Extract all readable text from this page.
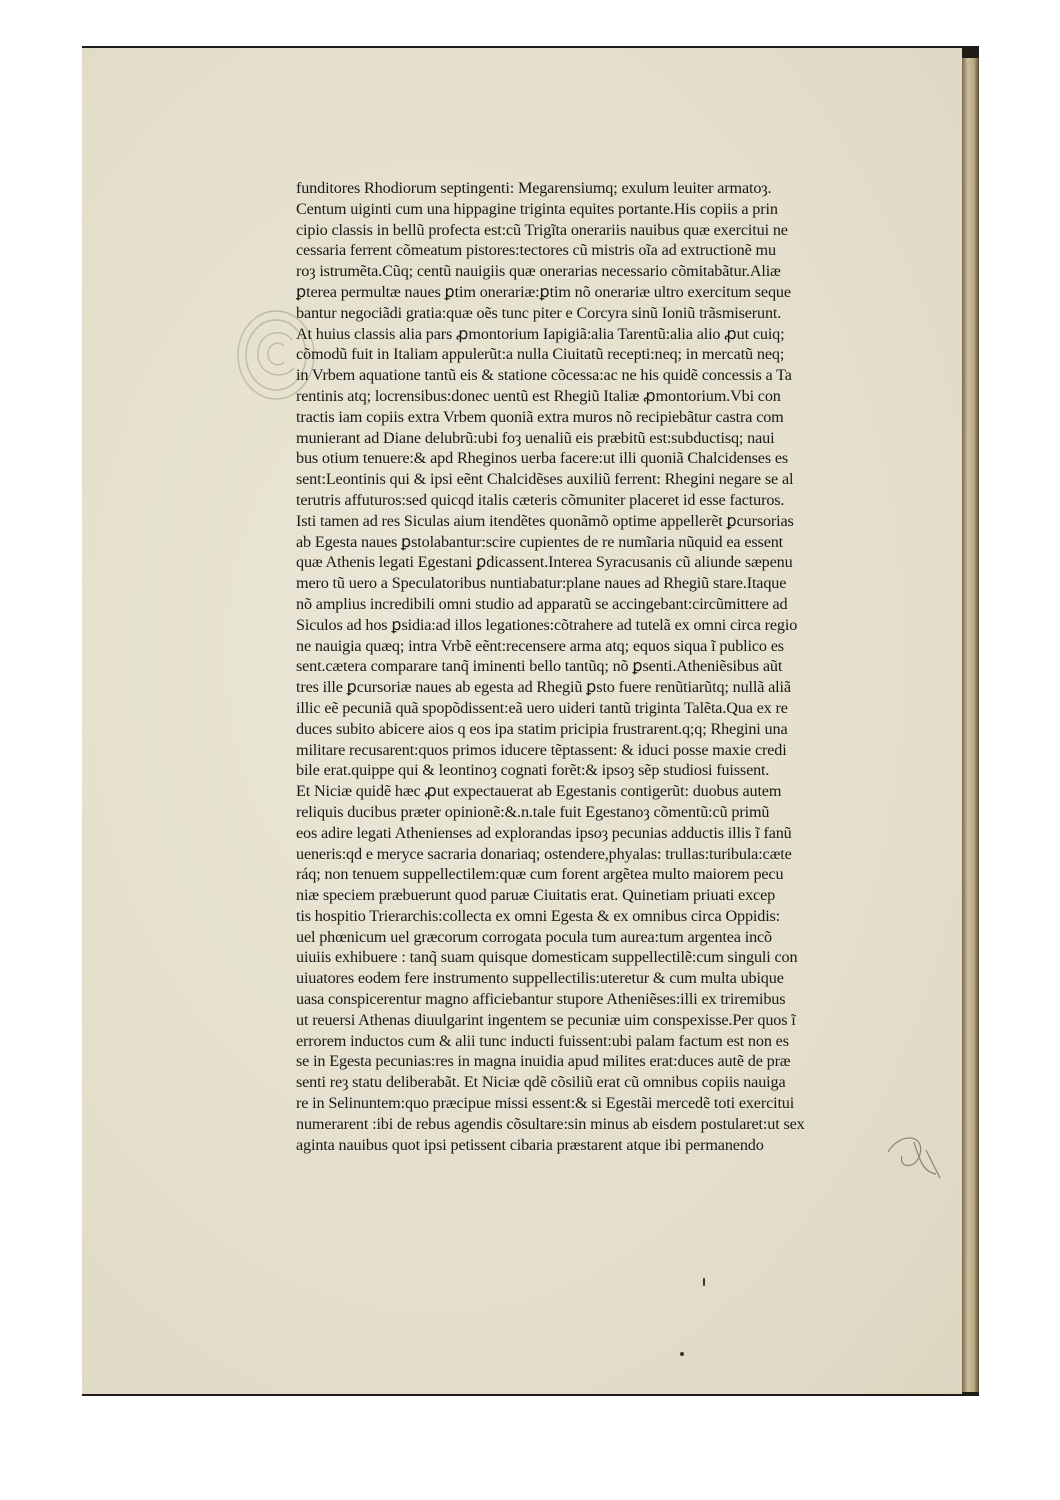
funditores Rhodiorum septingenti: Megarensiumq; exulum leuiter armatoȝ.
Centum uiginti cum una hippagine triginta equites portante.His copiis a prin
cipio classis in bellũ profecta est:cũ Trigĩta onerariis nauibus quæ exercitui ne
cessaria ferrent cõmeatum pistores:tectores cũ mistris oĩa ad extructionẽ mu
roȝ istrumẽta.Cũq; centũ nauigiis quæ onerarias necessario cõmitabãtur.Aliæ
ꝑterea permultæ naues ꝑtim onerariæ:ꝑtim nõ onerariæ ultro exercitum seque
bantur negociãdi gratia:quæ oẽs tunc piter e Corcyra sinũ Ioniũ trãsmiserunt.
At huius classis alia pars ꝓmontorium Iapigiã:alia Tarentũ:alia alio ꝓut cuiq;
cõmodũ fuit in Italiam appulerũt:a nulla Ciuitatũ recepti:neq; in mercatũ neq;
in Vrbem aquatione tantũ eis & statione cõcessa:ac ne his quidẽ concessis a Ta
rentinis atq; locrensibus:donec uentũ est Rhegiũ Italiæ ꝓmontorium.Vbi con
tractis iam copiis extra Vrbem quoniã extra muros nõ recipiebãtur castra com
munierant ad Diane delubrũ:ubi foȝ uenaliũ eis præbitũ est:subductisq; naui
bus otium tenuere:& apd Rheginos uerba facere:ut illi quoniã Chalcidenses es
sent:Leontinis qui & ipsi eẽnt Chalcidẽses auxiliũ ferrent: Rhegini negare se al
terutris affuturos:sed quicqd italis cæteris cõmuniter placeret id esse facturos.
Isti tamen ad res Siculas aium itendẽtes quonãmõ optime appellerẽt ꝑcursorias
ab Egesta naues ꝑstolabantur:scire cupientes de re numĩaria nũquid ea essent
quæ Athenis legati Egestani ꝑdicassent.Interea Syracusanis cũ aliunde sæpenu
mero tũ uero a Speculatoribus nuntiabatur:plane naues ad Rhegiũ stare.Itaque
nõ amplius incredibili omni studio ad apparatũ se accingebant:circũmittere ad
Siculos ad hos ꝑsidia:ad illos legationes:cõtrahere ad tutelã ex omni circa regio
ne nauigia quæq; intra Vrbẽ eẽnt:recensere arma atq; equos siqua ĩ publico es
sent.cætera comparare tanq̃ iminenti bello tantũq; nõ ꝑsenti.Atheniẽsibus aũt
tres ille ꝑcursoriæ naues ab egesta ad Rhegiũ ꝑsto fuere renũtiarũtq; nullã aliã
illic eẽ pecuniã quã spopõdissent:eã uero uideri tantũ triginta Talẽta.Qua ex re
duces subito abicere aios q eos ipa statim pricipia frustrarent.q;q; Rhegini una
militare recusarent:quos primos iducere tẽptassent: & iduci posse maxie credi
bile erat.quippe qui & leontinoȝ cognati forẽt:& ipsoȝ sẽp studiosi fuissent.
Et Niciæ quidẽ hæc ꝓut expectauerat ab Egestanis contigerũt: duobus autem
reliquis ducibus præter opinionẽ:&.n.tale fuit Egestanoȝ cõmentũ:cũ primũ
eos adire legati Athenienses ad explorandas ipsoȝ pecunias adductis illis ĩ fanũ
ueneris:qd e meryce sacraria donariaq; ostendere,phyalas: trullas:turibula:cæte
ráq; non tenuem suppellectilem:quæ cum forent argẽtea multo maiorem pecu
niæ speciem præbuerunt quod paruæ Ciuitatis erat. Quinetiam priuati excep
tis hospitio Trierarchis:collecta ex omni Egesta & ex omnibus circa Oppidis:
uel phœnicum uel græcorum corrogata pocula tum aurea:tum argentea incõ
uiuiis exhibuere : tanq̃ suam quisque domesticam suppellectilẽ:cum singuli con
uiuatores eodem fere instrumento suppellectilis:uteretur & cum multa ubique
uasa conspicerentur magno afficiebantur stupore Atheniẽses:illi ex triremibus
ut reuersi Athenas diuulgarint ingentem se pecuniæ uim conspexisse.Per quos ĩ
errorem inductos cum & alii tunc inducti fuissent:ubi palam factum est non es
se in Egesta pecunias:res in magna inuidia apud milites erat:duces autẽ de præ
senti reȝ statu deliberabãt. Et Niciæ qdẽ cõsiliũ erat cũ omnibus copiis nauiga
re in Selinuntem:quo præcipue missi essent:& si Egestãi mercedẽ toti exercitui
numerarent :ibi de rebus agendis cõsultare:sin minus ab eisdem postularet:ut sex
aginta nauibus quot ipsi petissent cibaria præstarent atque ibi permanendo
